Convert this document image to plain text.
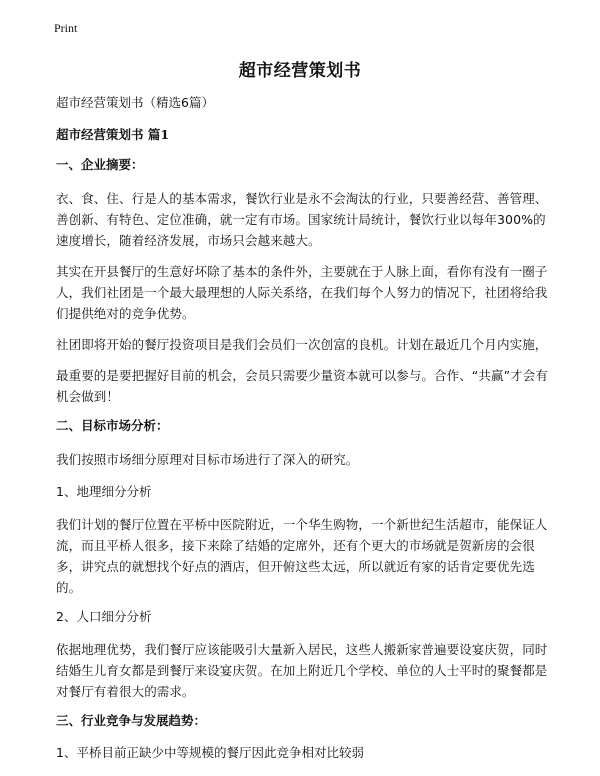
Print
超市经营策划书
超市经营策划书（精选6篇）
超市经营策划书 篇1
一、企业摘要：

衣、食、住、行是人的基本需求，餐饮行业是永不会淘汰的行业，只要善经营、善管理、善创新、有特色、定位准确，就一定有市场。国家统计局统计，餐饮行业以每年300%的速度增长，随着经济发展，市场只会越来越大。

其实在开县餐厅的生意好坏除了基本的条件外，主要就在于人脉上面，看你有没有一圈子人，我们社团是一个最大最理想的人际关系络，在我们每个人努力的情况下，社团将给我们提供绝对的竞争优势。

社团即将开始的餐厅投资项目是我们会员们一次创富的良机。计划在最近几个月内实施，

最重要的是要把握好目前的机会，会员只需要少量资本就可以参与。合作、“共赢”才会有机会做到！

二、目标市场分析：

我们按照市场细分原理对目标市场进行了深入的研究。

1、地理细分分析

我们计划的餐厅位置在平桥中医院附近，一个华生购物，一个新世纪生活超市，能保证人流，而且平桥人很多，接下来除了结婚的定席外，还有个更大的市场就是贺新房的会很多，讲究点的就想找个好点的酒店，但开俯这些太远，所以就近有家的话肯定要优先选的。

2、人口细分分析

依据地理优势，我们餐厅应该能吸引大量新入居民，这些人搬新家普遍要设宴庆贺，同时结婚生儿育女都是到餐厅来设宴庆贺。在加上附近几个学校、单位的人士平时的聚餐都是对餐厅有着很大的需求。

三、行业竞争与发展趋势：
1、平桥目前正缺少中等规模的餐厅因此竞争相对比较弱
